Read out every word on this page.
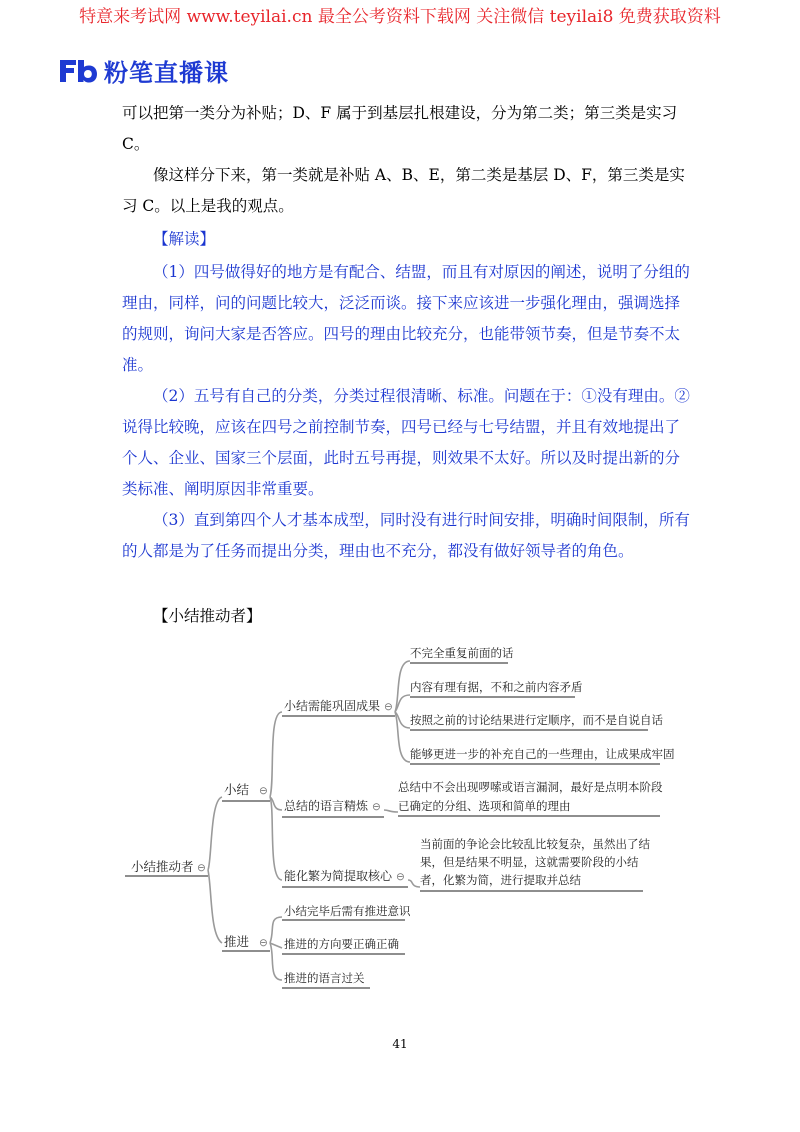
特意来考试网 www.teyilai.cn 最全公考资料下载网 关注微信 teyilai8 免费获取资料
粉笔直播课
可以把第一类分为补贴；D、F 属于到基层扎根建设，分为第二类；第三类是实习 C。
像这样分下来，第一类就是补贴 A、B、E，第二类是基层 D、F，第三类是实习 C。以上是我的观点。
【解读】
（1）四号做得好的地方是有配合、结盟，而且有对原因的阐述，说明了分组的理由，同样，问的问题比较大，泛泛而谈。接下来应该进一步强化理由，强调选择的规则，询问大家是否答应。四号的理由比较充分，也能带领节奏，但是节奏不太准。
（2）五号有自己的分类，分类过程很清晰、标准。问题在于：①没有理由。②说得比较晚，应该在四号之前控制节奏，四号已经与七号结盟，并且有效地提出了个人、企业、国家三个层面，此时五号再提，则效果不太好。所以及时提出新的分类标准、阐明原因非常重要。
（3）直到第四个人才基本成型，同时没有进行时间安排，明确时间限制，所有的人都是为了任务而提出分类，理由也不充分，都没有做好领导者的角色。
【小结推动者】
小结推动者 ⊖
小结 ⊖
推进 ⊖
小结需能巩固成果 ⊖
总结的语言精炼 ⊖
能化繁为简提取核心 ⊖
不完全重复前面的话
内容有理有据，不和之前内容矛盾
按照之前的讨论结果进行定顺序，而不是自说自话
能够更进一步的补充自己的一些理由，让成果成牢固
总结中不会出现啰嗦或语言漏洞，最好是点明本阶段
已确定的分组、选项和简单的理由
当前面的争论会比较乱比较复杂，虽然出了结
果，但是结果不明显，这就需要阶段的小结
者，化繁为简，进行提取并总结
小结完毕后需有推进意识
推进的方向要正确正确
推进的语言过关
41
